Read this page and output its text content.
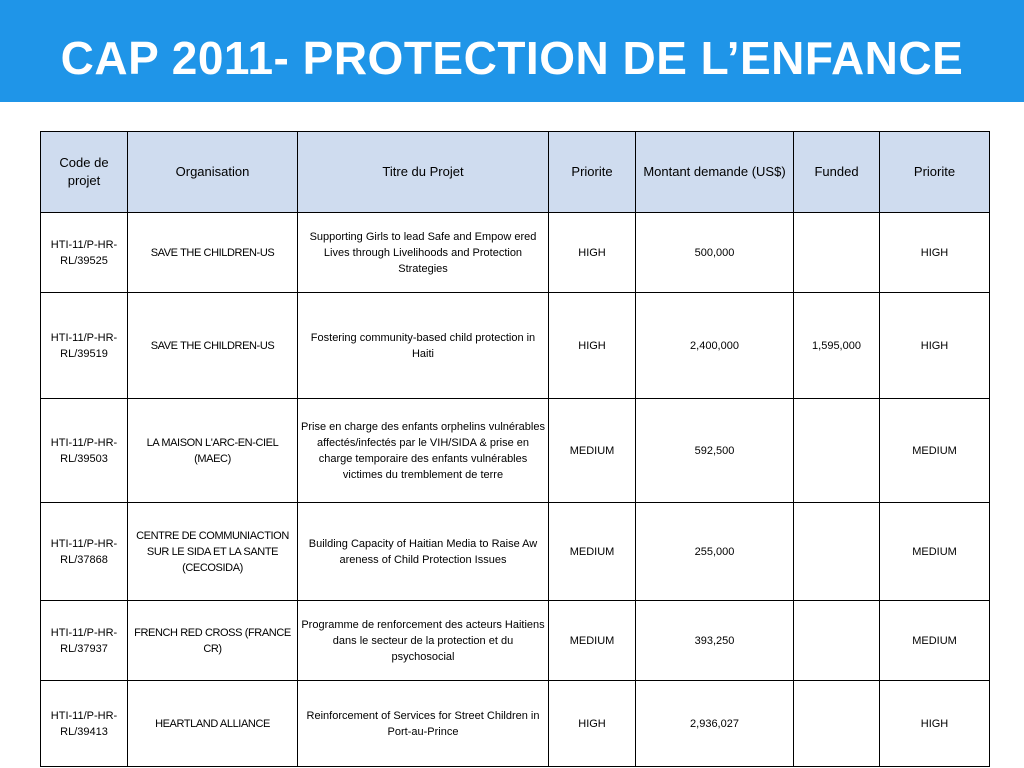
CAP 2011- PROTECTION DE L’ENFANCE
Code de projet	Organisation	Titre du Projet	Priorite	Montant demande (US$)	Funded	Priorite
HTI-11/P-HR-RL/39525	SAVE THE CHILDREN-US	Supporting Girls to lead Safe and Empow ered Lives through Livelihoods and Protection Strategies	HIGH	500,000		HIGH
HTI-11/P-HR-RL/39519	SAVE THE CHILDREN-US	Fostering community-based child protection in Haiti	HIGH	2,400,000	1,595,000	HIGH
HTI-11/P-HR-RL/39503	LA MAISON L'ARC-EN-CIEL (MAEC)	Prise en charge des enfants orphelins vulnérables affectés/infectés par le VIH/SIDA & prise en charge temporaire des enfants vulnérables victimes du tremblement de terre	MEDIUM	592,500		MEDIUM
HTI-11/P-HR-RL/37868	CENTRE DE COMMUNIACTION SUR LE SIDA ET LA SANTE (CECOSIDA)	Building Capacity of Haitian Media to Raise Aw areness of Child Protection Issues	MEDIUM	255,000		MEDIUM
HTI-11/P-HR-RL/37937	FRENCH RED CROSS (FRANCE CR)	Programme de renforcement des acteurs Haitiens dans le secteur de la protection et du psychosocial	MEDIUM	393,250		MEDIUM
HTI-11/P-HR-RL/39413	HEARTLAND ALLIANCE	Reinforcement of Services for Street Children in Port-au-Prince	HIGH	2,936,027		HIGH
